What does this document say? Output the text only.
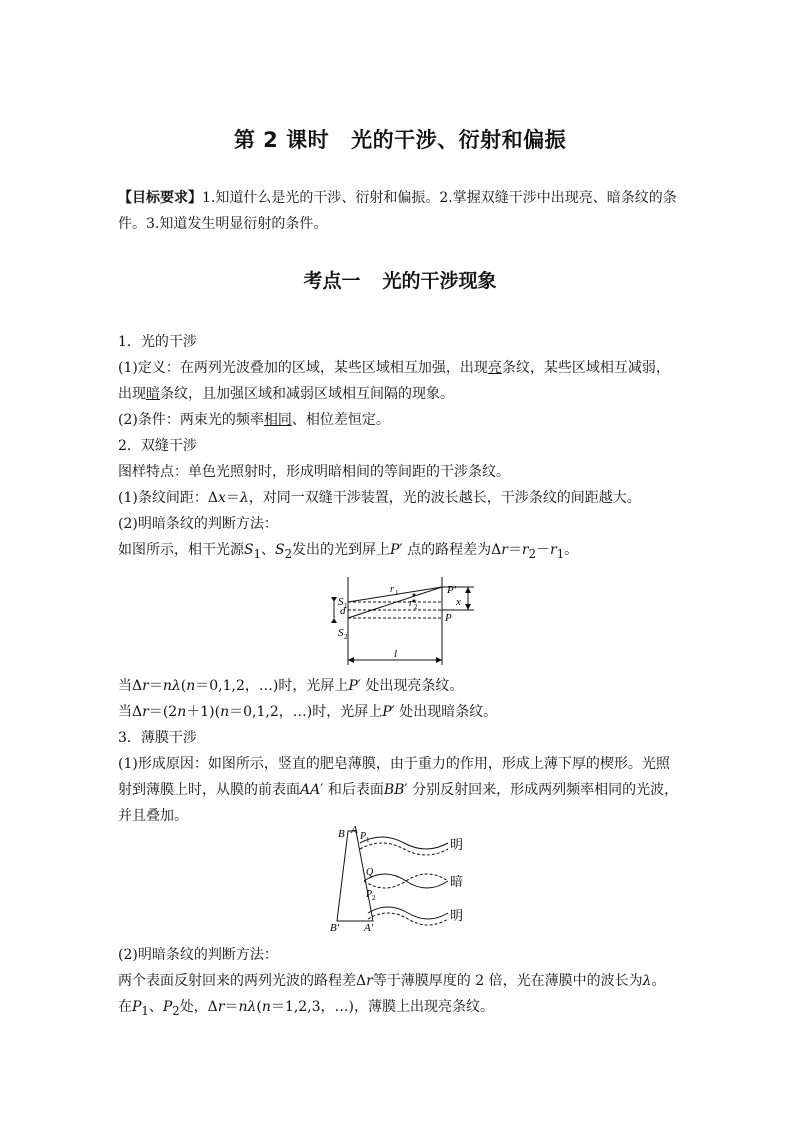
第 2 课时 光的干涉、衍射和偏振
【目标要求】1.知道什么是光的干涉、衍射和偏振。2.掌握双缝干涉中出现亮、暗条纹的条
件。3.知道发生明显衍射的条件。
考点一 光的干涉现象
1．光的干涉
(1)定义：在两列光波叠加的区域，某些区域相互加强，出现亮条纹，某些区域相互减弱，
出现暗条纹，且加强区域和减弱区域相互间隔的现象。
(2)条件：两束光的频率相同、相位差恒定。
2．双缝干涉
图样特点：单色光照射时，形成明暗相间的等间距的干涉条纹。
(1)条纹间距：Δx＝λ，对同一双缝干涉装置，光的波长越长，干涉条纹的间距越大。
(2)明暗条纹的判断方法：
如图所示，相干光源$S_1$、$S_2$发出的光到屏上P′ 点的路程差为$\Delta r=r_2-r_1$。
S 1
S 2
d
r 1
r 2
P′
P
x
l
当Δr＝nλ(n＝0,1,2，…)时，光屏上P′ 处出现亮条纹。
当Δr＝(2n＋1)(n＝0,1,2，…)时，光屏上P′ 处出现暗条纹。
3．薄膜干涉
(1)形成原因：如图所示，竖直的肥皂薄膜，由于重力的作用，形成上薄下厚的楔形。光照
射到薄膜上时，从膜的前表面AA′ 和后表面BB′ 分别反射回来，形成两列频率相同的光波，
并且叠加。
B A
P 1
Q
P 2
B′ A′
明
暗
明
(2)明暗条纹的判断方法：
两个表面反射回来的两列光波的路程差Δr等于薄膜厚度的 2 倍，光在薄膜中的波长为λ。
在$P_1$、$P_2$处，Δr＝nλ(n＝1,2,3，…)，薄膜上出现亮条纹。
